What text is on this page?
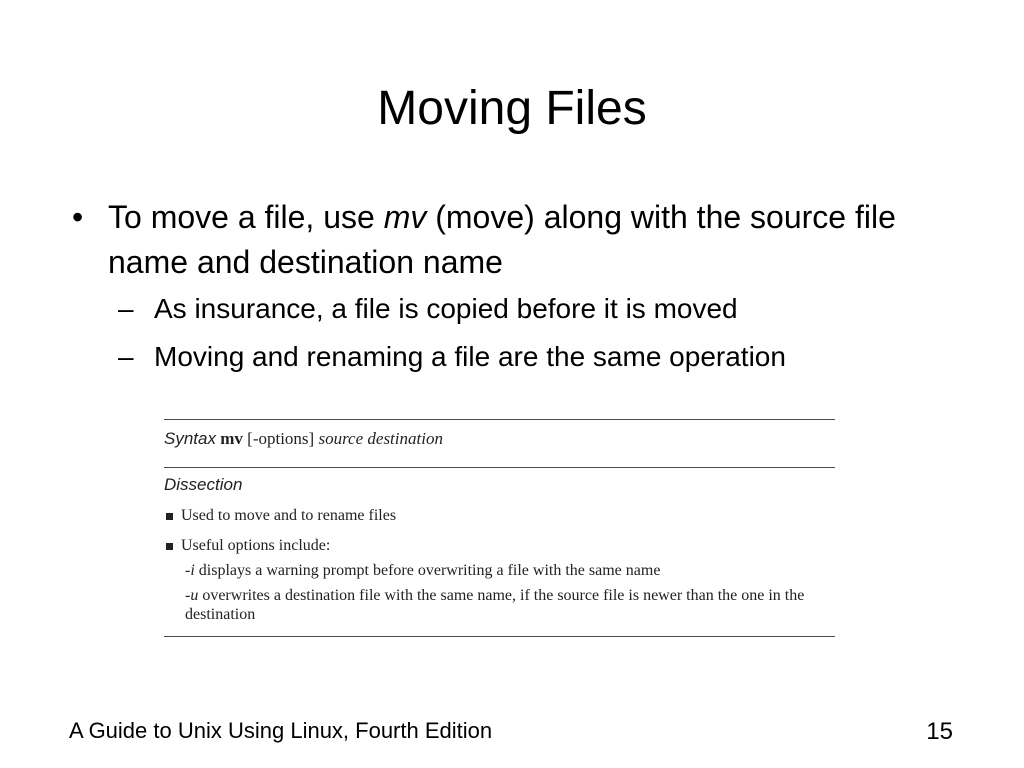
Moving Files
• To move a file, use mv (move) along with the source file name and destination name
– As insurance, a file is copied before it is moved
– Moving and renaming a file are the same operation
Syntax mv [-options] source destination
Dissection
Used to move and to rename files
Useful options include:
-i displays a warning prompt before overwriting a file with the same name
-u overwrites a destination file with the same name, if the source file is newer than the one in the destination
A Guide to Unix Using Linux, Fourth Edition	15
